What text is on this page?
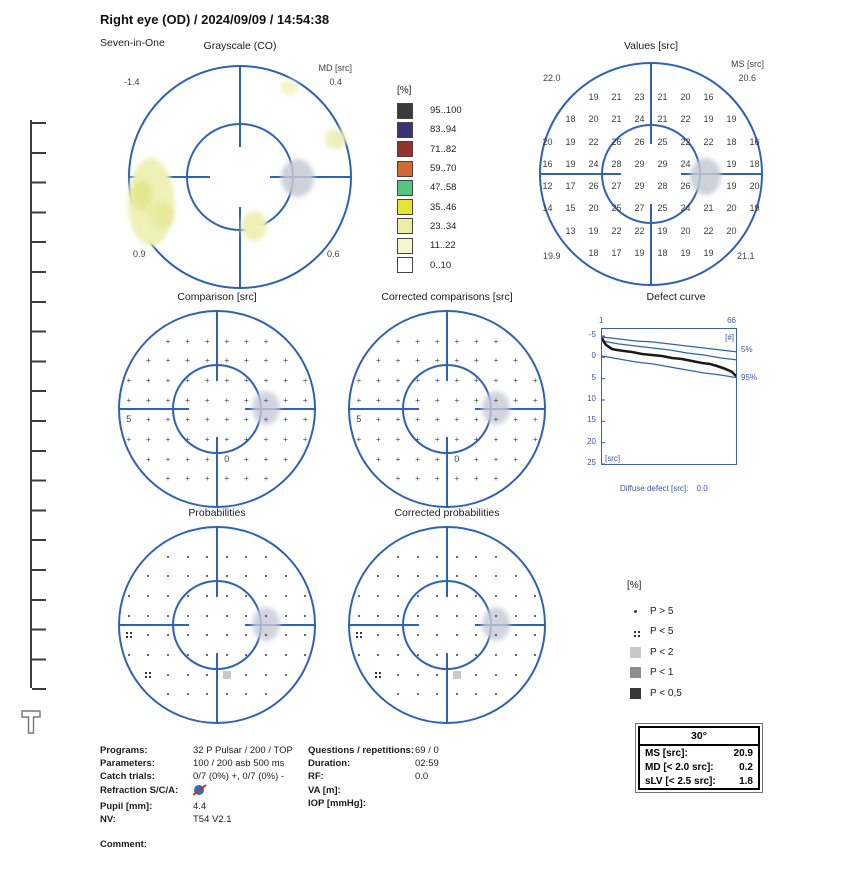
Right eye (OD) / 2024/09/09 / 14:54:38
Seven-in-One	Grayscale (CO)
-1.4
MD [src]
0.4
0.9	0.6
[%]
95..100
83..94
71..82
59..70
47..58
35..46
23..34
11..22
0..10
Values [src]
19	21	23	21	20	16
18	20	21	24	21	22	19	19
20	19	22	26	26	25	22	22	18	16
16	19	24	28	29	29	24	19	18
12	17	26	27	29	28	26	19	20
14	15	20	25	27	25	24	21	20	19
13	19	22	22	19	20	22	20
18	17	19	18	19	19
22.0
MS [src]
20.6
19.9	21.1
Comparison [src]
+	+	+	+	+	+
+	+	+	+	+	+	+	+
+	+	+	+	+	+	+	+	+	+
+	+	+	+	+	+	+	+	+	+
5	+	+	+	+	+	+	+	+	+
+	+	+	+	+	+	+	+	+	+
+	+	+	+	0	+	+	+
+	+	+	+	+	+
Corrected comparisons [src]
+	+	+	+	+	+
+	+	+	+	+	+	+	+
+	+	+	+	+	+	+	+	+	+
+	+	+	+	+	+	+	+	+	+
5	+	+	+	+	+	+	+	+	+
+	+	+	+	+	+	+	+	+	+
+	+	+	+	0	+	+	+
+	+	+	+	+	+
Defect curve
1	66
[#]
[src]
5%
95%
Diffuse defect [src]: 0.0
Probabilities	Corrected probabilities
[%]
P > 5
P < 5
P < 2
P < 1
P < 0,5
30°
MS [src]:	20.9
MD [< 2.0 src]:	0.2
sLV [< 2.5 src]: 1.8
Programs:	32 P Pulsar / 200 / TOP
Parameters:	100 / 200 asb 500 ms
Catch trials:	0/7 (0%) +, 0/7 (0%) -
Refraction S/C/A:
Pupil [mm]:	4.4
NV:	T54 V2.1
Questions / repetitions: 69 / 0
Duration:	02:59
RF:	0.0
VA [m]:
IOP [mmHg]:
Comment:
-5
0
5
10
15
20
25
